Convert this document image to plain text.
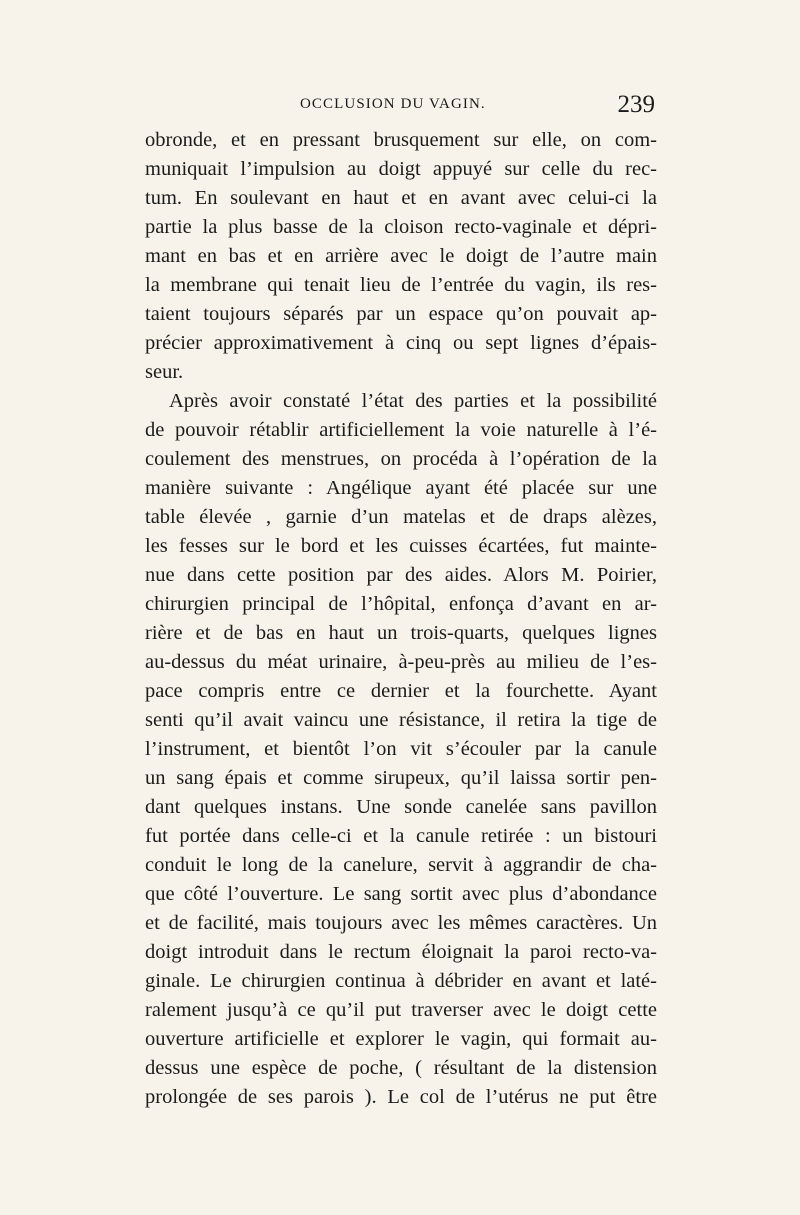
OCCLUSION DU VAGIN.	239
obronde, et en pressant brusquement sur elle, on com-
muniquait l’impulsion au doigt appuyé sur celle du rec-
tum. En soulevant en haut et en avant avec celui-ci la
partie la plus basse de la cloison recto-vaginale et dépri-
mant en bas et en arrière avec le doigt de l’autre main
la membrane qui tenait lieu de l’entrée du vagin, ils res-
taient toujours séparés par un espace qu’on pouvait ap-
précier approximativement à cinq ou sept lignes d’épais-
seur.
Après avoir constaté l’état des parties et la possibilité
de pouvoir rétablir artificiellement la voie naturelle à l’é-
coulement des menstrues, on procéda à l’opération de la
manière suivante : Angélique ayant été placée sur une
table élevée , garnie d’un matelas et de draps alèzes,
les fesses sur le bord et les cuisses écartées, fut mainte-
nue dans cette position par des aides. Alors M. Poirier,
chirurgien principal de l’hôpital, enfonça d’avant en ar-
rière et de bas en haut un trois-quarts, quelques lignes
au-dessus du méat urinaire, à-peu-près au milieu de l’es-
pace compris entre ce dernier et la fourchette. Ayant
senti qu’il avait vaincu une résistance, il retira la tige de
l’instrument, et bientôt l’on vit s’écouler par la canule
un sang épais et comme sirupeux, qu’il laissa sortir pen-
dant quelques instans. Une sonde canelée sans pavillon
fut portée dans celle-ci et la canule retirée : un bistouri
conduit le long de la canelure, servit à aggrandir de cha-
que côté l’ouverture. Le sang sortit avec plus d’abondance
et de facilité, mais toujours avec les mêmes caractères. Un
doigt introduit dans le rectum éloignait la paroi recto-va-
ginale. Le chirurgien continua à débrider en avant et laté-
ralement jusqu’à ce qu’il put traverser avec le doigt cette
ouverture artificielle et explorer le vagin, qui formait au-
dessus une espèce de poche, ( résultant de la distension
prolongée de ses parois ). Le col de l’utérus ne put être
